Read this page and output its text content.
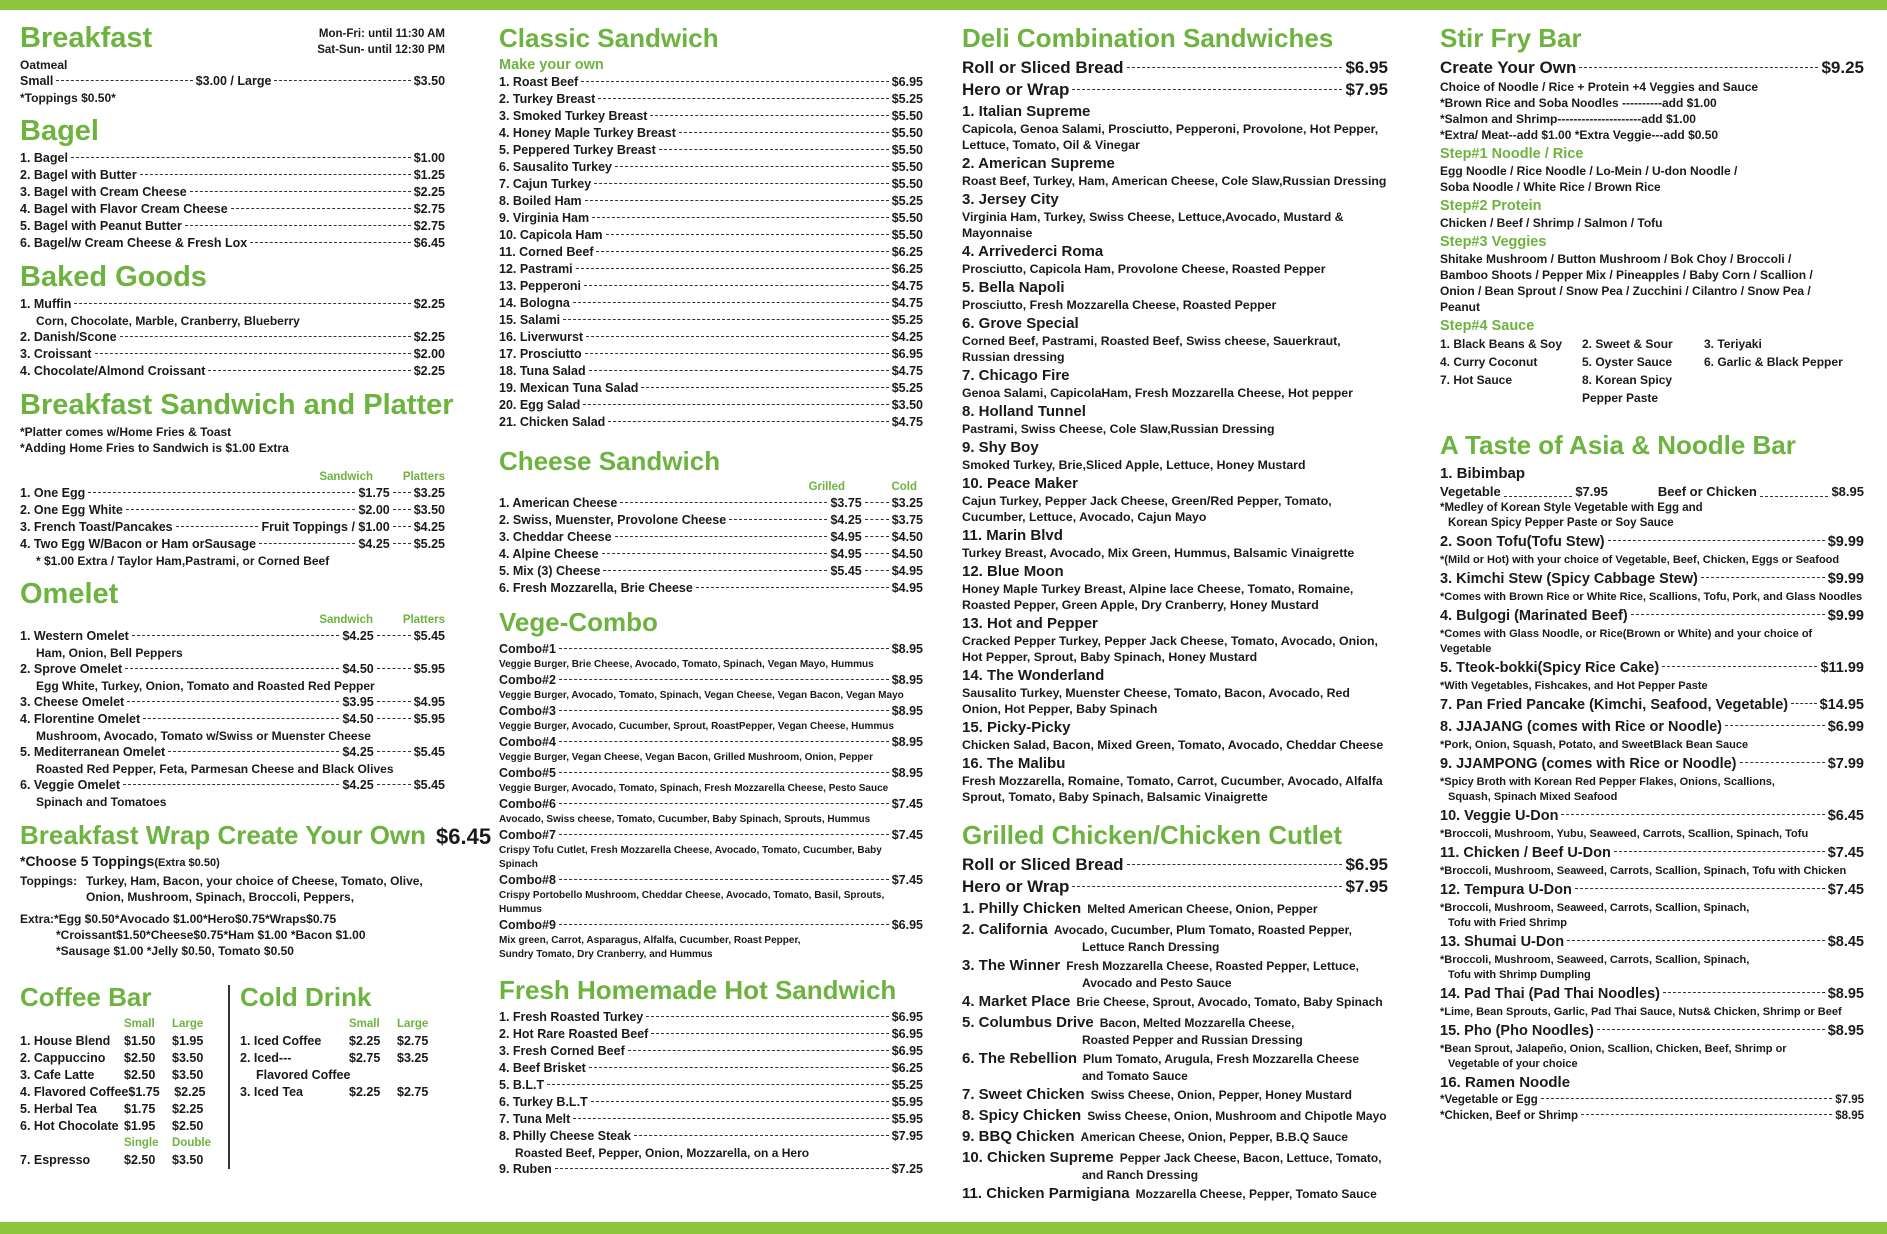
Breakfast	Mon-Fri: until 11:30 AM
Sat-Sun- until 12:30 PM
Oatmeal
Small	$3.00 / Large	$3.50
*Toppings $0.50*
Bagel
1. Bagel	$1.00
2. Bagel with Butter	$1.25
3. Bagel with Cream Cheese	$2.25
4. Bagel with Flavor Cream Cheese	$2.75
5. Bagel with Peanut Butter	$2.75
6. Bagel/w Cream Cheese & Fresh Lox	$6.45
Baked Goods
1. Muffin	$2.25
Corn, Chocolate, Marble, Cranberry, Blueberry
2. Danish/Scone	$2.25
3. Croissant	$2.00
4. Chocolate/Almond Croissant	$2.25
Breakfast Sandwich and Platter
*Platter comes w/Home Fries & Toast
*Adding Home Fries to Sandwich is $1.00 Extra
Sandwich	Platters
1. One Egg	$1.75 $3.25
2. One Egg White	$2.00 $3.50
3. French Toast/Pancakes	Fruit Toppings / $1.00 $4.25
4. Two Egg W/Bacon or Ham orSausage	$4.25 $5.25
* $1.00 Extra / Taylor Ham,Pastrami, or Corned Beef
Omelet
Sandwich	Platters
1. Western Omelet	$4.25	$5.45
Ham, Onion, Bell Peppers
2. Sprove Omelet	$4.50	$5.95
Egg White, Turkey, Onion, Tomato and Roasted Red Pepper
3. Cheese Omelet	$3.95	$4.95
4. Florentine Omelet	$4.50	$5.95
Mushroom, Avocado, Tomato w/Swiss or Muenster Cheese
5. Mediterranean Omelet	$4.25	$5.45
Roasted Red Pepper, Feta, Parmesan Cheese and Black Olives
6. Veggie Omelet	$4.25	$5.45
Spinach and Tomatoes
Breakfast Wrap Create Your Own $6.45
*Choose 5 Toppings(Extra $0.50)
Toppings: Turkey, Ham, Bacon, your choice of Cheese, Tomato, Olive,
Onion, Mushroom, Spinach, Broccoli, Peppers,
Extra:*Egg $0.50*Avocado $1.00*Hero$0.75*Wraps$0.75
*Croissant$1.50*Cheese$0.75*Ham $1.00 *Bacon $1.00
*Sausage $1.00 *Jelly $0.50, Tomato $0.50
Coffee Bar
Small	Large
1. House Blend	$1.50	$1.95
2. Cappuccino	$2.50	$3.50
3. Cafe Latte	$2.50	$3.50
4. Flavored Coffee $1.75	$2.25
5. Herbal Tea	$1.75	$2.25
6. Hot Chocolate $1.95	$2.50
Single	Double
7. Espresso	$2.50	$3.50
Cold Drink
Small	Large
1. Iced Coffee	$2.25	$2.75
2. Iced---	$2.75	$3.25
Flavored Coffee
3. Iced Tea	$2.25	$2.75
Classic Sandwich
Make your own
1. Roast Beef	$6.95
2. Turkey Breast	$5.25
3. Smoked Turkey Breast	$5.50
4. Honey Maple Turkey Breast	$5.50
5. Peppered Turkey Breast	$5.50
6. Sausalito Turkey	$5.50
7. Cajun Turkey	$5.50
8. Boiled Ham	$5.25
9. Virginia Ham	$5.50
10. Capicola Ham	$5.50
11. Corned Beef	$6.25
12. Pastrami	$6.25
13. Pepperoni	$4.75
14. Bologna	$4.75
15. Salami	$5.25
16. Liverwurst	$4.25
17. Prosciutto	$6.95
18. Tuna Salad	$4.75
19. Mexican Tuna Salad	$5.25
20. Egg Salad	$3.50
21. Chicken Salad	$4.75
Cheese Sandwich
Grilled	Cold
1. American Cheese	$3.75 $3.25
2. Swiss, Muenster, Provolone Cheese	$4.25 $3.75
3. Cheddar Cheese	$4.95 $4.50
4. Alpine Cheese	$4.95 $4.50
5. Mix (3) Cheese	$5.45 $4.95
6. Fresh Mozzarella, Brie Cheese	$4.95
Vege-Combo
Combo#1	$8.95
Veggie Burger, Brie Cheese, Avocado, Tomato, Spinach, Vegan Mayo, Hummus
Combo#2	$8.95
Veggie Burger, Avocado, Tomato, Spinach, Vegan Cheese, Vegan Bacon, Vegan Mayo
Combo#3	$8.95
Veggie Burger, Avocado, Cucumber, Sprout, RoastPepper, Vegan Cheese, Hummus
Combo#4	$8.95
Veggie Burger, Vegan Cheese, Vegan Bacon, Grilled Mushroom, Onion, Pepper
Combo#5	$8.95
Veggie Burger, Avocado, Tomato, Spinach, Fresh Mozzarella Cheese, Pesto Sauce
Combo#6	$7.45
Avocado, Swiss cheese, Tomato, Cucumber, Baby Spinach, Sprouts, Hummus
Combo#7	$7.45
Crispy Tofu Cutlet, Fresh Mozzarella Cheese, Avocado, Tomato, Cucumber, Baby Spinach
Combo#8	$7.45
Crispy Portobello Mushroom, Cheddar Cheese, Avocado, Tomato, Basil, Sprouts, Hummus
Combo#9	$6.95
Mix green, Carrot, Asparagus, Alfalfa, Cucumber, Roast Pepper,
Sundry Tomato, Dry Cranberry, and Hummus
Fresh Homemade Hot Sandwich
1. Fresh Roasted Turkey	$6.95
2. Hot Rare Roasted Beef	$6.95
3. Fresh Corned Beef	$6.95
4. Beef Brisket	$6.25
5. B.L.T	$5.25
6. Turkey B.L.T	$5.95
7. Tuna Melt	$5.95
8. Philly Cheese Steak	$7.95
Roasted Beef, Pepper, Onion, Mozzarella, on a Hero
9. Ruben	$7.25
Deli Combination Sandwiches
Roll or Sliced Bread	$6.95
Hero or Wrap	$7.95
1. Italian Supreme
Capicola, Genoa Salami, Prosciutto, Pepperoni, Provolone, Hot Pepper, Lettuce, Tomato, Oil & Vinegar
2. American Supreme
Roast Beef, Turkey, Ham, American Cheese, Cole Slaw,Russian Dressing
3. Jersey City
Virginia Ham, Turkey, Swiss Cheese, Lettuce,Avocado, Mustard & Mayonnaise
4. Arrivederci Roma
Prosciutto, Capicola Ham, Provolone Cheese, Roasted Pepper
5. Bella Napoli
Prosciutto, Fresh Mozzarella Cheese, Roasted Pepper
6. Grove Special
Corned Beef, Pastrami, Roasted Beef, Swiss cheese, Sauerkraut, Russian dressing
7. Chicago Fire
Genoa Salami, CapicolaHam, Fresh Mozzarella Cheese, Hot pepper
8. Holland Tunnel
Pastrami, Swiss Cheese, Cole Slaw,Russian Dressing
9. Shy Boy
Smoked Turkey, Brie,Sliced Apple, Lettuce, Honey Mustard
10. Peace Maker
Cajun Turkey, Pepper Jack Cheese, Green/Red Pepper, Tomato, Cucumber, Lettuce, Avocado, Cajun Mayo
11. Marin Blvd
Turkey Breast, Avocado, Mix Green, Hummus, Balsamic Vinaigrette
12. Blue Moon
Honey Maple Turkey Breast, Alpine lace Cheese, Tomato, Romaine, Roasted Pepper, Green Apple, Dry Cranberry, Honey Mustard
13. Hot and Pepper
Cracked Pepper Turkey, Pepper Jack Cheese, Tomato, Avocado, Onion, Hot Pepper, Sprout, Baby Spinach, Honey Mustard
14. The Wonderland
Sausalito Turkey, Muenster Cheese, Tomato, Bacon, Avocado, Red Onion, Hot Pepper, Baby Spinach
15. Picky-Picky
Chicken Salad, Bacon, Mixed Green, Tomato, Avocado, Cheddar Cheese
16. The Malibu
Fresh Mozzarella, Romaine, Tomato, Carrot, Cucumber, Avocado, Alfalfa Sprout, Tomato, Baby Spinach, Balsamic Vinaigrette
Grilled Chicken/Chicken Cutlet
Roll or Sliced Bread	$6.95
Hero or Wrap	$7.95
1. Philly Chicken Melted American Cheese, Onion, Pepper
2. California Avocado, Cucumber, Plum Tomato, Roasted Pepper,
Lettuce Ranch Dressing
3. The Winner Fresh Mozzarella Cheese, Roasted Pepper, Lettuce,
Avocado and Pesto Sauce
4. Market Place Brie Cheese, Sprout, Avocado, Tomato, Baby Spinach
5. Columbus Drive Bacon, Melted Mozzarella Cheese,
Roasted Pepper and Russian Dressing
6. The Rebellion Plum Tomato, Arugula, Fresh Mozzarella Cheese
and Tomato Sauce
7. Sweet Chicken Swiss Cheese, Onion, Pepper, Honey Mustard
8. Spicy Chicken Swiss Cheese, Onion, Mushroom and Chipotle Mayo
9. BBQ Chicken American Cheese, Onion, Pepper, B.B.Q Sauce
10. Chicken Supreme Pepper Jack Cheese, Bacon, Lettuce, Tomato,
and Ranch Dressing
11. Chicken Parmigiana Mozzarella Cheese, Pepper, Tomato Sauce
Stir Fry Bar
Create Your Own	$9.25
Choice of Noodle / Rice + Protein +4 Veggies and Sauce
*Brown Rice and Soba Noodles ----------add $1.00
*Salmon and Shrimp---------------------add $1.00
*Extra/ Meat--add $1.00 *Extra Veggie---add $0.50
Step#1 Noodle / Rice
Egg Noodle / Rice Noodle / Lo-Mein / U-don Noodle /
Soba Noodle / White Rice / Brown Rice
Step#2 Protein
Chicken / Beef / Shrimp / Salmon / Tofu
Step#3 Veggies
Shitake Mushroom / Button Mushroom / Bok Choy / Broccoli /
Bamboo Shoots / Pepper Mix / Pineapples / Baby Corn / Scallion /
Onion / Bean Sprout / Snow Pea / Zucchini / Cilantro / Snow Pea /
Peanut
Step#4 Sauce
1. Black Beans & Soy	2. Sweet & Sour	3. Teriyaki
4. Curry Coconut	5. Oyster Sauce	6. Garlic & Black Pepper
7. Hot Sauce	8. Korean Spicy Pepper Paste
A Taste of Asia & Noodle Bar
1. Bibimbap
Vegetable	$7.95	Beef or Chicken	$8.95
*Medley of Korean Style Vegetable with Egg and
Korean Spicy Pepper Paste or Soy Sauce
2. Soon Tofu(Tofu Stew)	$9.99
*(Mild or Hot) with your choice of Vegetable, Beef, Chicken, Eggs or Seafood
3. Kimchi Stew (Spicy Cabbage Stew)	$9.99
*Comes with Brown Rice or White Rice, Scallions, Tofu, Pork, and Glass Noodles
4. Bulgogi (Marinated Beef)	$9.99
*Comes with Glass Noodle, or Rice(Brown or White) and your choice of Vegetable
5. Tteok-bokki(Spicy Rice Cake)	$11.99
*With Vegetables, Fishcakes, and Hot Pepper Paste
7. Pan Fried Pancake (Kimchi, Seafood, Vegetable) $14.95
8. JJAJANG (comes with Rice or Noodle)	$6.99
*Pork, Onion, Squash, Potato, and SweetBlack Bean Sauce
9. JJAMPONG (comes with Rice or Noodle)	$7.99
*Spicy Broth with Korean Red Pepper Flakes, Onions, Scallions,
Squash, Spinach Mixed Seafood
10. Veggie U-Don	$6.45
*Broccoli, Mushroom, Yubu, Seaweed, Carrots, Scallion, Spinach, Tofu
11. Chicken / Beef U-Don	$7.45
*Broccoli, Mushroom, Seaweed, Carrots, Scallion, Spinach, Tofu with Chicken
12. Tempura U-Don	$7.45
*Broccoli, Mushroom, Seaweed, Carrots, Scallion, Spinach,
Tofu with Fried Shrimp
13. Shumai U-Don	$8.45
*Broccoli, Mushroom, Seaweed, Carrots, Scallion, Spinach,
Tofu with Shrimp Dumpling
14. Pad Thai (Pad Thai Noodles)	$8.95
*Lime, Bean Sprouts, Garlic, Pad Thai Sauce, Nuts& Chicken, Shrimp or Beef
15. Pho (Pho Noodles)	$8.95
*Bean Sprout, Jalapeño, Onion, Scallion, Chicken, Beef, Shrimp or
Vegetable of your choice
16. Ramen Noodle
*Vegetable or Egg	$7.95
*Chicken, Beef or Shrimp	$8.95
